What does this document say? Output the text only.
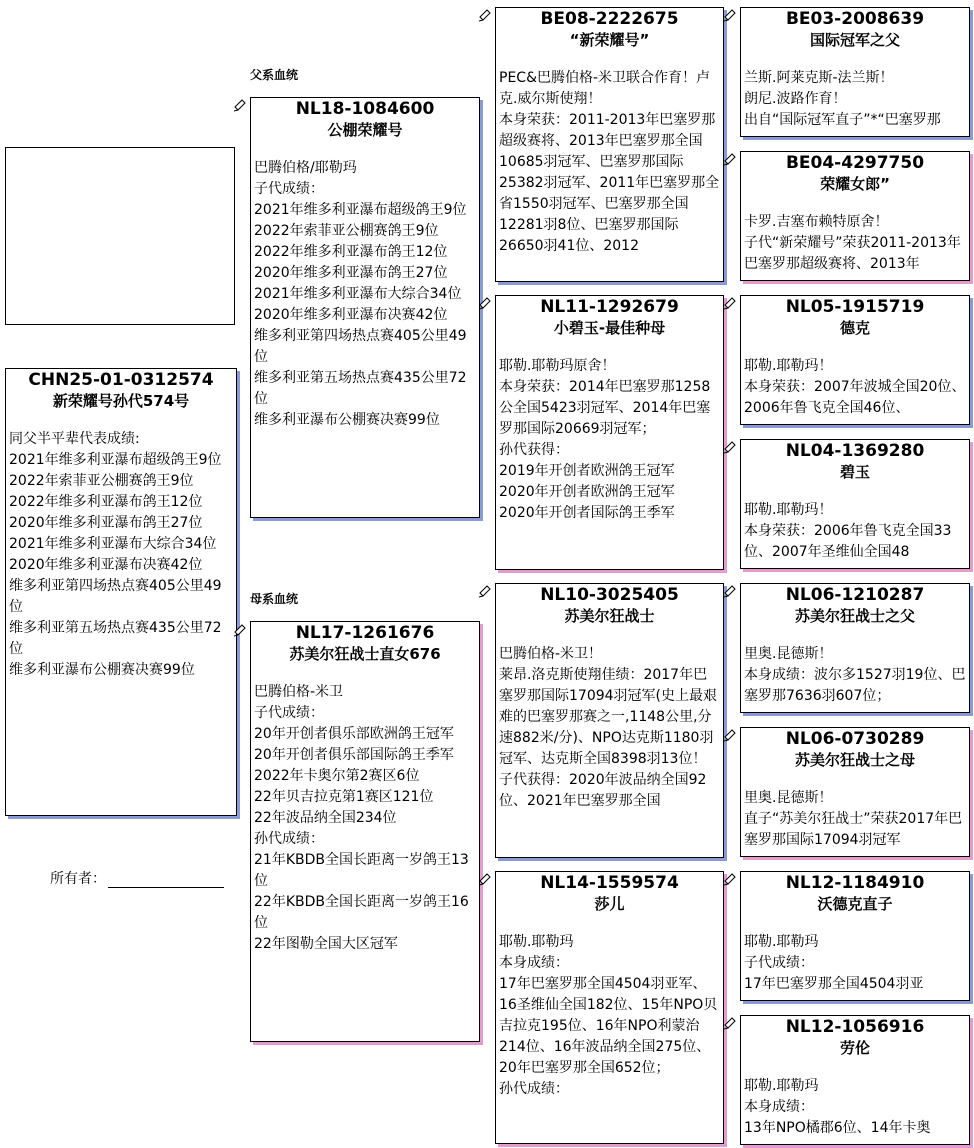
父系血统
母系血统
CHN25-01-0312574
新荣耀号孙代574号
同父半平辈代表成绩:
2021年维多利亚瀑布超级鸽王9位
2022年索菲亚公棚赛鸽王9位
2022年维多利亚瀑布鸽王12位
2020年维多利亚瀑布鸽王27位
2021年维多利亚瀑布大综合34位
2020年维多利亚瀑布决赛42位
维多利亚第四场热点赛405公里49位
维多利亚第五场热点赛435公里72位
维多利亚瀑布公棚赛决赛99位
所有者：
NL18-1084600
公棚荣耀号
巴腾伯格/耶勒玛
子代成绩：
2021年维多利亚瀑布超级鸽王9位
2022年索菲亚公棚赛鸽王9位
2022年维多利亚瀑布鸽王12位
2020年维多利亚瀑布鸽王27位
2021年维多利亚瀑布大综合34位
2020年维多利亚瀑布决赛42位
维多利亚第四场热点赛405公里49位
维多利亚第五场热点赛435公里72位
维多利亚瀑布公棚赛决赛99位
NL17-1261676
苏美尔狂战士直女676
巴腾伯格-米卫
子代成绩：
20年开创者俱乐部欧洲鸽王冠军
20年开创者俱乐部国际鸽王季军
2022年卡奥尔第2赛区6位
22年贝吉拉克第1赛区121位
22年波品纳全国234位
孙代成绩：
21年KBDB全国长距离一岁鸽王13位
22年KBDB全国长距离一岁鸽王16位
22年图勒全国大区冠军
BE08-2222675
“新荣耀号”
PEC&巴腾伯格-米卫联合作育！卢克.威尔斯使翔！
本身荣获：2011-2013年巴塞罗那超级赛将、2013年巴塞罗那全国10685羽冠军、巴塞罗那国际25382羽冠军、2011年巴塞罗那全省1550羽冠军、巴塞罗那全国12281羽8位、巴塞罗那国际26650羽41位、2012
NL11-1292679
小碧玉-最佳种母
耶勒.耶勒玛原舍！
本身荣获：2014年巴塞罗那1258公全国5423羽冠军、2014年巴塞罗那国际20669羽冠军；
孙代获得：
2019年开创者欧洲鸽王冠军
2020年开创者欧洲鸽王冠军
2020年开创者国际鸽王季军
NL10-3025405
苏美尔狂战士
巴腾伯格-米卫！
莱昂.洛克斯使翔佳绩：2017年巴塞罗那国际17094羽冠军(史上最艰难的巴塞罗那赛之一,1148公里,分速882米/分)、NPO达克斯1180羽冠军、达克斯全国8398羽13位！
子代获得：2020年波品纳全国92位、2021年巴塞罗那全国
NL14-1559574
莎儿
耶勒.耶勒玛
本身成绩：
17年巴塞罗那全国4504羽亚军、16圣维仙全国182位、15年NPO贝吉拉克195位、16年NPO利蒙治214位、16年波品纳全国275位、20年巴塞罗那全国652位；
孙代成绩：
BE03-2008639
国际冠军之父
兰斯.阿莱克斯-法兰斯！
朗尼.波路作育！
出自“国际冠军直子”*“巴塞罗那
BE04-4297750
荣耀女郎”
卡罗.吉塞布赖特原舍！
子代“新荣耀号”荣获2011-2013年巴塞罗那超级赛将、2013年
NL05-1915719
德克
耶勒.耶勒玛！
本身荣获：2007年波城全国20位、2006年鲁飞克全国46位、
NL04-1369280
碧玉
耶勒.耶勒玛！
本身荣获：2006年鲁飞克全国33位、2007年圣维仙全国48
NL06-1210287
苏美尔狂战士之父
里奥.昆德斯！
本身成绩：波尔多1527羽19位、巴塞罗那7636羽607位；
NL06-0730289
苏美尔狂战士之母
里奥.昆德斯！
直子“苏美尔狂战士”荣获2017年巴塞罗那国际17094羽冠军
NL12-1184910
沃德克直子
耶勒.耶勒玛
子代成绩：
17年巴塞罗那全国4504羽亚
NL12-1056916
劳伦
耶勒.耶勒玛
本身成绩：
13年NPO橘郡6位、14年卡奥
